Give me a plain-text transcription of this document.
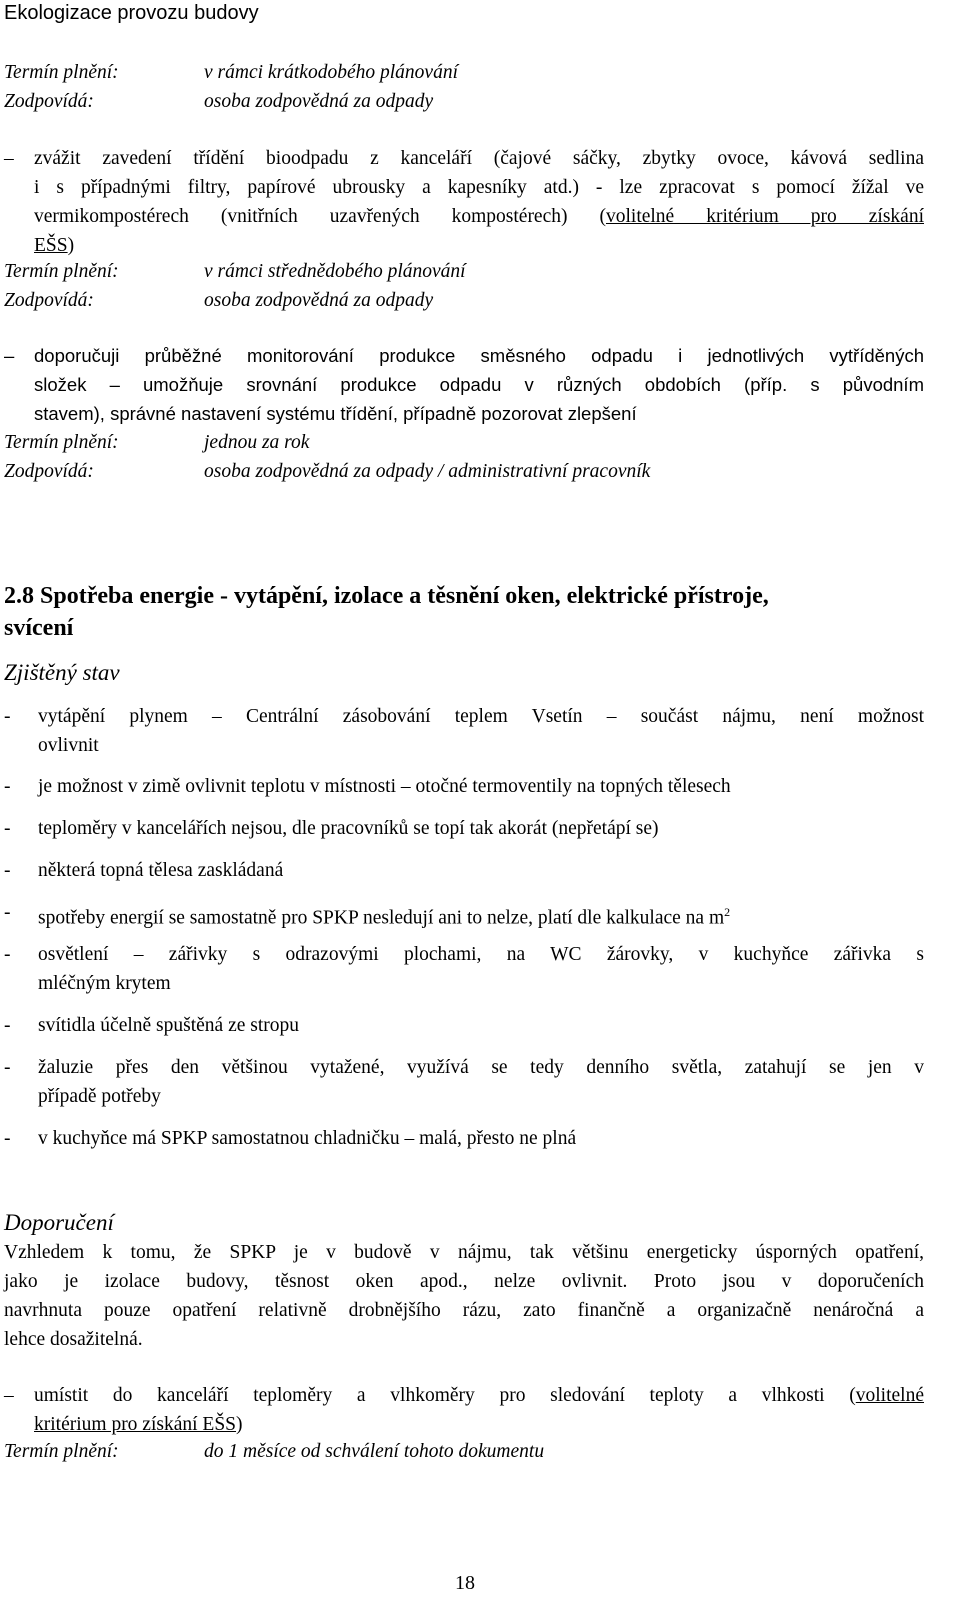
Ekologizace provozu budovy
Termín plnění:	v rámci krátkodobého plánování
Zodpovídá:	osoba zodpovědná za odpady
–	zvážit zavedení třídění bioodpadu z kanceláří (čajové sáčky, zbytky ovoce, kávová sedlina
i s případnými filtry, papírové ubrousky a kapesníky atd.) - lze zpracovat s pomocí žížal ve
vermikompostérech (vnitřních uzavřených kompostérech) (volitelné kritérium pro získání
EŠS)
Termín plnění:	v rámci střednědobého plánování
Zodpovídá:	osoba zodpovědná za odpady
–	doporučuji průběžné monitorování produkce směsného odpadu i jednotlivých vytříděných
složek – umožňuje srovnání produkce odpadu v různých obdobích (příp. s původním
stavem), správné nastavení systému třídění, případně pozorovat zlepšení
Termín plnění:	jednou za rok
Zodpovídá:	osoba zodpovědná za odpady / administrativní pracovník
2.8 Spotřeba energie - vytápění, izolace a těsnění oken, elektrické přístroje,
svícení
Zjištěný stav
- vytápění plynem – Centrální zásobování teplem Vsetín – součást nájmu, není možnost
ovlivnit
- je možnost v zimě ovlivnit teplotu v místnosti – otočné termoventily na topných tělesech
- teploměry v kancelářích nejsou, dle pracovníků se topí tak akorát (nepřetápí se)
- některá topná tělesa zaskládaná
- spotřeby energií se samostatně pro SPKP nesledují ani to nelze, platí dle kalkulace na $m^2$
- osvětlení – zářivky s odrazovými plochami, na WC žárovky, v kuchyňce zářivka s
mléčným krytem
- svítidla účelně spuštěná ze stropu
- žaluzie přes den většinou vytažené, využívá se tedy denního světla, zatahují se jen v
případě potřeby
- v kuchyňce má SPKP samostatnou chladničku – malá, přesto ne plná
Doporučení
Vzhledem k tomu, že SPKP je v budově v nájmu, tak většinu energeticky úsporných opatření,
jako je izolace budovy, těsnost oken apod., nelze ovlivnit. Proto jsou v doporučeních
navrhnuta pouze opatření relativně drobnějšího rázu, zato finančně a organizačně nenáročná a
lehce dosažitelná.
–	umístit do kanceláří teploměry a vlhkoměry pro sledování teploty a vlhkosti (volitelné
kritérium pro získání EŠS)
Termín plnění:	do 1 měsíce od schválení tohoto dokumentu
18
